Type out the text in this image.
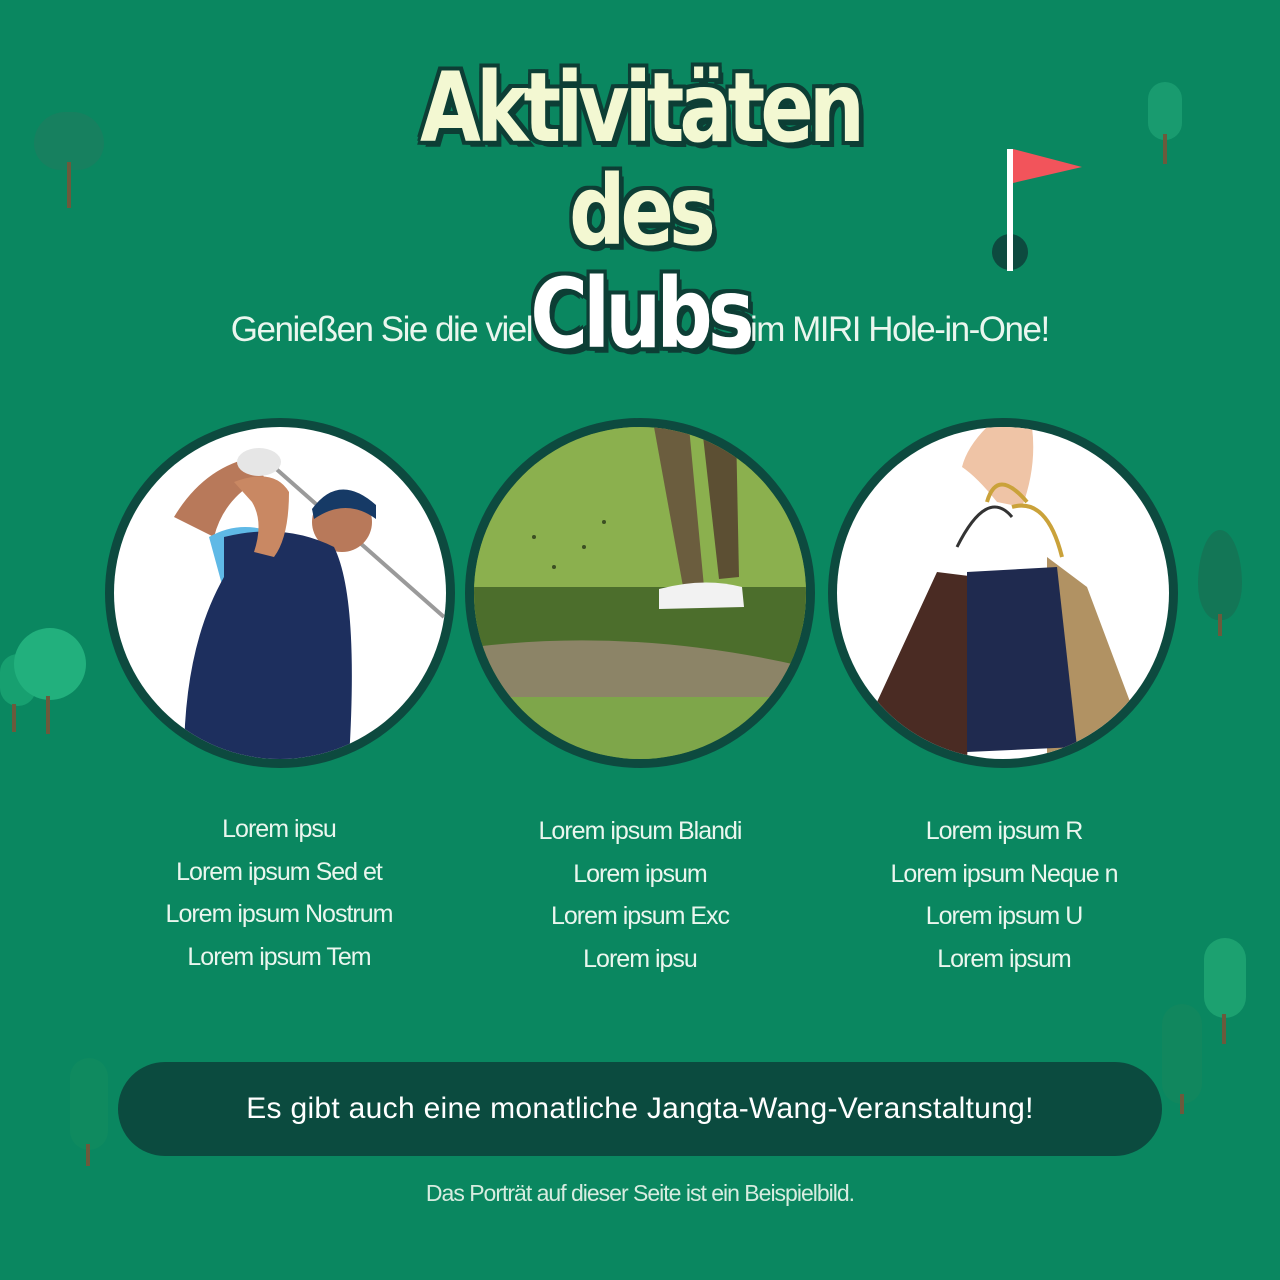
Aktivitäten
des
Clubs
Genießen Sie die viel	im MIRI Hole-in-One!
Lorem ipsu
Lorem ipsum Sed et
Lorem ipsum Nostrum
Lorem ipsum Tem
Lorem ipsum Blandi
Lorem ipsum
Lorem ipsum Exc
Lorem ipsu
Lorem ipsum R
Lorem ipsum Neque n
Lorem ipsum U
Lorem ipsum
Es gibt auch eine monatliche Jangta-Wang-Veranstaltung!
Das Porträt auf dieser Seite ist ein Beispielbild.
